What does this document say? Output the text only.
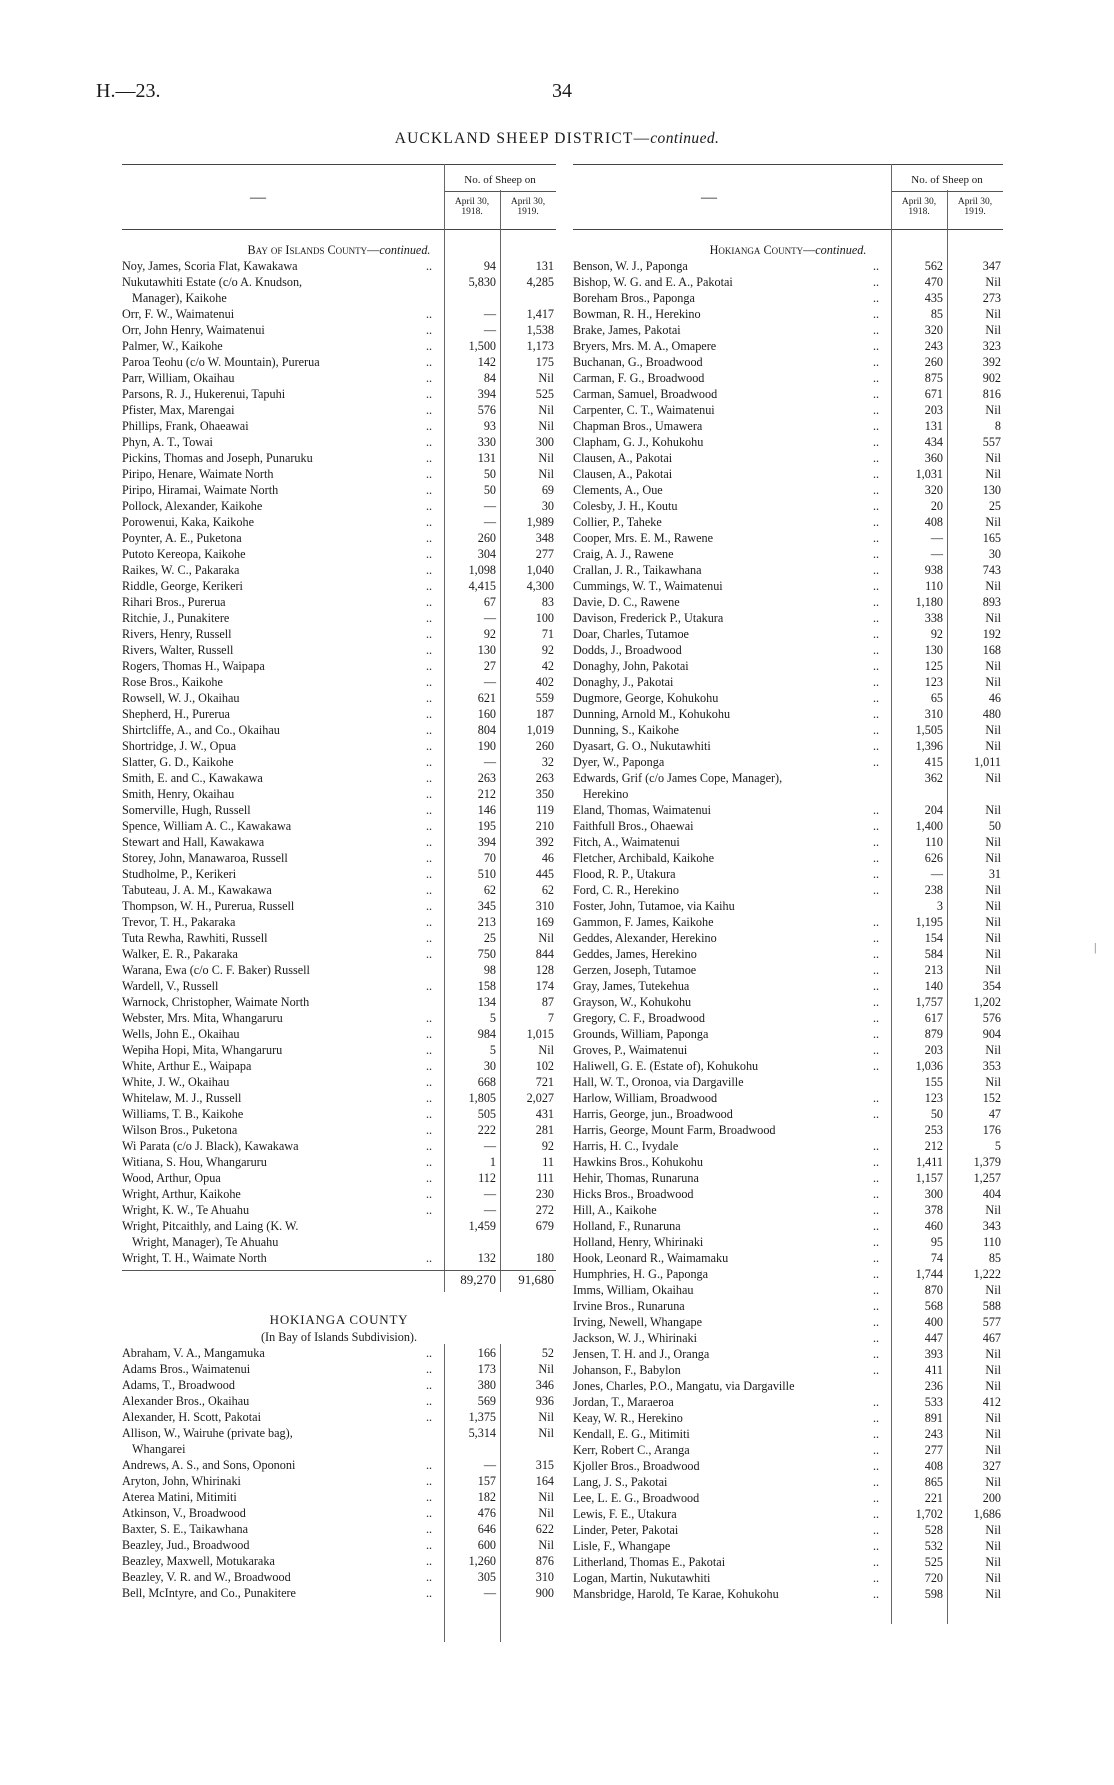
H.—23.	34
AUCKLAND SHEEP DISTRICT—continued.
—
No. of Sheep on
April 30, 1918.
April 30, 1919.
Bay of Islands County—continued.
Noy, James, Scoria Flat, Kawakawa	..	94	131
Nukutawhiti Estate (c/o A. Knudson,	5,830	4,285
Manager), Kaikohe
Orr, F. W., Waimatenui	..	—	1,417
Orr, John Henry, Waimatenui	..	—	1,538
Palmer, W., Kaikohe	..	1,500	1,173
Paroa Teohu (c/o W. Mountain), Purerua	..	142	175
Parr, William, Okaihau	..	84	Nil
Parsons, R. J., Hukerenui, Tapuhi	..	394	525
Pfister, Max, Marengai	..	576	Nil
Phillips, Frank, Ohaeawai	..	93	Nil
Phyn, A. T., Towai	..	330	300
Pickins, Thomas and Joseph, Punaruku	..	131	Nil
Piripo, Henare, Waimate North	..	50	Nil
Piripo, Hiramai, Waimate North	..	50	69
Pollock, Alexander, Kaikohe	..	—	30
Porowenui, Kaka, Kaikohe	..	—	1,989
Poynter, A. E., Puketona	..	260	348
Putoto Kereopa, Kaikohe	..	304	277
Raikes, W. C., Pakaraka	..	1,098	1,040
Riddle, George, Kerikeri	..	4,415	4,300
Rihari Bros., Purerua	..	67	83
Ritchie, J., Punakitere	..	—	100
Rivers, Henry, Russell	..	92	71
Rivers, Walter, Russell	..	130	92
Rogers, Thomas H., Waipapa	..	27	42
Rose Bros., Kaikohe	..	—	402
Rowsell, W. J., Okaihau	..	621	559
Shepherd, H., Purerua	..	160	187
Shirtcliffe, A., and Co., Okaihau	..	804	1,019
Shortridge, J. W., Opua	..	190	260
Slatter, G. D., Kaikohe	..	—	32
Smith, E. and C., Kawakawa	..	263	263
Smith, Henry, Okaihau	..	212	350
Somerville, Hugh, Russell	..	146	119
Spence, William A. C., Kawakawa	..	195	210
Stewart and Hall, Kawakawa	..	394	392
Storey, John, Manawaroa, Russell	..	70	46
Studholme, P., Kerikeri	..	510	445
Tabuteau, J. A. M., Kawakawa	..	62	62
Thompson, W. H., Purerua, Russell	..	345	310
Trevor, T. H., Pakaraka	..	213	169
Tuta Rewha, Rawhiti, Russell	..	25	Nil
Walker, E. R., Pakaraka	..	750	844
Warana, Ewa (c/o C. F. Baker) Russell	98	128
Wardell, V., Russell	..	158	174
Warnock, Christopher, Waimate North	134	87
Webster, Mrs. Mita, Whangaruru	..	5	7
Wells, John E., Okaihau	..	984	1,015
Wepiha Hopi, Mita, Whangaruru	..	5	Nil
White, Arthur E., Waipapa	..	30	102
White, J. W., Okaihau	..	668	721
Whitelaw, M. J., Russell	..	1,805	2,027
Williams, T. B., Kaikohe	..	505	431
Wilson Bros., Puketona	..	222	281
Wi Parata (c/o J. Black), Kawakawa	..	—	92
Witiana, S. Hou, Whangaruru	..	1	11
Wood, Arthur, Opua	..	112	111
Wright, Arthur, Kaikohe	..	—	230
Wright, K. W., Te Ahuahu	..	—	272
Wright, Pitcaithly, and Laing (K. W.	1,459	679
Wright, Manager), Te Ahuahu
Wright, T. H., Waimate North	..	132	180
89,270	91,680
HOKIANGA COUNTY
(In Bay of Islands Subdivision).
Abraham, V. A., Mangamuka	..	166	52
Adams Bros., Waimatenui	..	173	Nil
Adams, T., Broadwood	..	380	346
Alexander Bros., Okaihau	..	569	936
Alexander, H. Scott, Pakotai	..	1,375	Nil
Allison, W., Wairuhe (private bag),	5,314	Nil
Whangarei
Andrews, A. S., and Sons, Opononi	..	—	315
Aryton, John, Whirinaki	..	157	164
Aterea Matini, Mitimiti	..	182	Nil
Atkinson, V., Broadwood	..	476	Nil
Baxter, S. E., Taikawhana	..	646	622
Beazley, Jud., Broadwood	..	600	Nil
Beazley, Maxwell, Motukaraka	..	1,260	876
Beazley, V. R. and W., Broadwood	..	305	310
Bell, McIntyre, and Co., Punakitere	..	—	900
—
No. of Sheep on
April 30, 1918.
April 30, 1919.
Hokianga County—continued.
Benson, W. J., Paponga	..	562	347
Bishop, W. G. and E. A., Pakotai	..	470	Nil
Boreham Bros., Paponga	..	435	273
Bowman, R. H., Herekino	..	85	Nil
Brake, James, Pakotai	..	320	Nil
Bryers, Mrs. M. A., Omapere	..	243	323
Buchanan, G., Broadwood	..	260	392
Carman, F. G., Broadwood	..	875	902
Carman, Samuel, Broadwood	..	671	816
Carpenter, C. T., Waimatenui	..	203	Nil
Chapman Bros., Umawera	..	131	8
Clapham, G. J., Kohukohu	..	434	557
Clausen, A., Pakotai	..	360	Nil
Clausen, A., Pakotai	..	1,031	Nil
Clements, A., Oue	..	320	130
Colesby, J. H., Koutu	..	20	25
Collier, P., Taheke	..	408	Nil
Cooper, Mrs. E. M., Rawene	..	—	165
Craig, A. J., Rawene	..	—	30
Crallan, J. R., Taikawhana	..	938	743
Cummings, W. T., Waimatenui	..	110	Nil
Davie, D. C., Rawene	..	1,180	893
Davison, Frederick P., Utakura	..	338	Nil
Doar, Charles, Tutamoe	..	92	192
Dodds, J., Broadwood	..	130	168
Donaghy, John, Pakotai	..	125	Nil
Donaghy, J., Pakotai	..	123	Nil
Dugmore, George, Kohukohu	..	65	46
Dunning, Arnold M., Kohukohu	..	310	480
Dunning, S., Kaikohe	..	1,505	Nil
Dyasart, G. O., Nukutawhiti	..	1,396	Nil
Dyer, W., Paponga	..	415	1,011
Edwards, Grif (c/o James Cope, Manager),	362	Nil
Herekino
Eland, Thomas, Waimatenui	..	204	Nil
Faithfull Bros., Ohaewai	..	1,400	50
Fitch, A., Waimatenui	..	110	Nil
Fletcher, Archibald, Kaikohe	..	626	Nil
Flood, R. P., Utakura	..	—	31
Ford, C. R., Herekino	..	238	Nil
Foster, John, Tutamoe, via Kaihu	3	Nil
Gammon, F. James, Kaikohe	..	1,195	Nil
Geddes, Alexander, Herekino	..	154	Nil
Geddes, James, Herekino	..	584	Nil
Gerzen, Joseph, Tutamoe	..	213	Nil
Gray, James, Tutekehua	..	140	354
Grayson, W., Kohukohu	..	1,757	1,202
Gregory, C. F., Broadwood	..	617	576
Grounds, William, Paponga	..	879	904
Groves, P., Waimatenui	..	203	Nil
Haliwell, G. E. (Estate of), Kohukohu	..	1,036	353
Hall, W. T., Oronoa, via Dargaville	155	Nil
Harlow, William, Broadwood	..	123	152
Harris, George, jun., Broadwood	..	50	47
Harris, George, Mount Farm, Broadwood	253	176
Harris, H. C., Ivydale	..	212	5
Hawkins Bros., Kohukohu	..	1,411	1,379
Hehir, Thomas, Runaruna	..	1,157	1,257
Hicks Bros., Broadwood	..	300	404
Hill, A., Kaikohe	..	378	Nil
Holland, F., Runaruna	..	460	343
Holland, Henry, Whirinaki	..	95	110
Hook, Leonard R., Waimamaku	..	74	85
Humphries, H. G., Paponga	..	1,744	1,222
Imms, William, Okaihau	..	870	Nil
Irvine Bros., Runaruna	..	568	588
Irving, Newell, Whangape	..	400	577
Jackson, W. J., Whirinaki	..	447	467
Jensen, T. H. and J., Oranga	..	393	Nil
Johanson, F., Babylon	..	411	Nil
Jones, Charles, P.O., Mangatu, via Dargaville	236	Nil
Jordan, T., Maraeroa	..	533	412
Keay, W. R., Herekino	..	891	Nil
Kendall, E. G., Mitimiti	..	243	Nil
Kerr, Robert C., Aranga	..	277	Nil
Kjoller Bros., Broadwood	..	408	327
Lang, J. S., Pakotai	..	865	Nil
Lee, L. E. G., Broadwood	..	221	200
Lewis, F. E., Utakura	..	1,702	1,686
Linder, Peter, Pakotai	..	528	Nil
Lisle, F., Whangape	..	532	Nil
Litherland, Thomas E., Pakotai	..	525	Nil
Logan, Martin, Nukutawhiti	..	720	Nil
Mansbridge, Harold, Te Karae, Kohukohu	..	598	Nil
|
